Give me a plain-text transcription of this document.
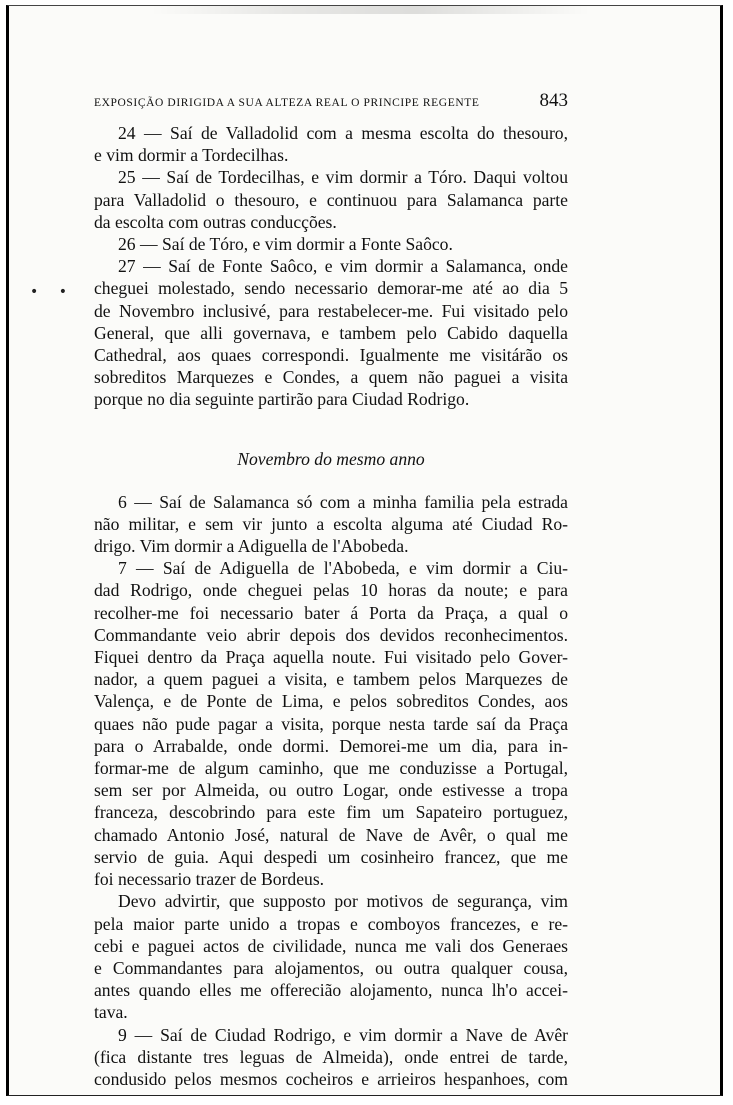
• •
EXPOSIÇÃO DIRIGIDA A SUA ALTEZA REAL O PRINCIPE REGENTE	843

24 — Saí de Valladolid com a mesma escolta do thesouro,
e vim dormir a Tordecilhas.

25 — Saí de Tordecilhas, e vim dormir a Tóro. Daqui voltou
para Valladolid o thesouro, e continuou para Salamanca parte
da escolta com outras conducções.

26 — Saí de Tóro, e vim dormir a Fonte Saôco.

27 — Saí de Fonte Saôco, e vim dormir a Salamanca, onde
cheguei molestado, sendo necessario demorar-me até ao dia 5
de Novembro inclusivé, para restabelecer-me. Fui visitado pelo
General, que alli governava, e tambem pelo Cabido daquella
Cathedral, aos quaes correspondi. Igualmente me visitárão os
sobreditos Marquezes e Condes, a quem não paguei a visita
porque no dia seguinte partirão para Ciudad Rodrigo.

Novembro do mesmo anno

6 — Saí de Salamanca só com a minha familia pela estrada
não militar, e sem vir junto a escolta alguma até Ciudad Ro-
drigo. Vim dormir a Adiguella de l'Abobeda.

7 — Saí de Adiguella de l'Abobeda, e vim dormir a Ciu-
dad Rodrigo, onde cheguei pelas 10 horas da noute; e para
recolher-me foi necessario bater á Porta da Praça, a qual o
Commandante veio abrir depois dos devidos reconhecimentos.
Fiquei dentro da Praça aquella noute. Fui visitado pelo Gover-
nador, a quem paguei a visita, e tambem pelos Marquezes de
Valença, e de Ponte de Lima, e pelos sobreditos Condes, aos
quaes não pude pagar a visita, porque nesta tarde saí da Praça
para o Arrabalde, onde dormi. Demorei-me um dia, para in-
formar-me de algum caminho, que me conduzisse a Portugal,
sem ser por Almeida, ou outro Logar, onde estivesse a tropa
franceza, descobrindo para este fim um Sapateiro portuguez,
chamado Antonio José, natural de Nave de Avêr, o qual me
servio de guia. Aqui despedi um cosinheiro francez, que me
foi necessario trazer de Bordeus.

Devo advirtir, que supposto por motivos de segurança, vim
pela maior parte unido a tropas e comboyos francezes, e re-
cebi e paguei actos de civilidade, nunca me vali dos Generaes
e Commandantes para alojamentos, ou outra qualquer cousa,
antes quando elles me offerecião alojamento, nunca lh'o accei-
tava.

9 — Saí de Ciudad Rodrigo, e vim dormir a Nave de Avêr
(fica distante tres leguas de Almeida), onde entrei de tarde,
condusido pelos mesmos cocheiros e arrieiros hespanhoes, com
